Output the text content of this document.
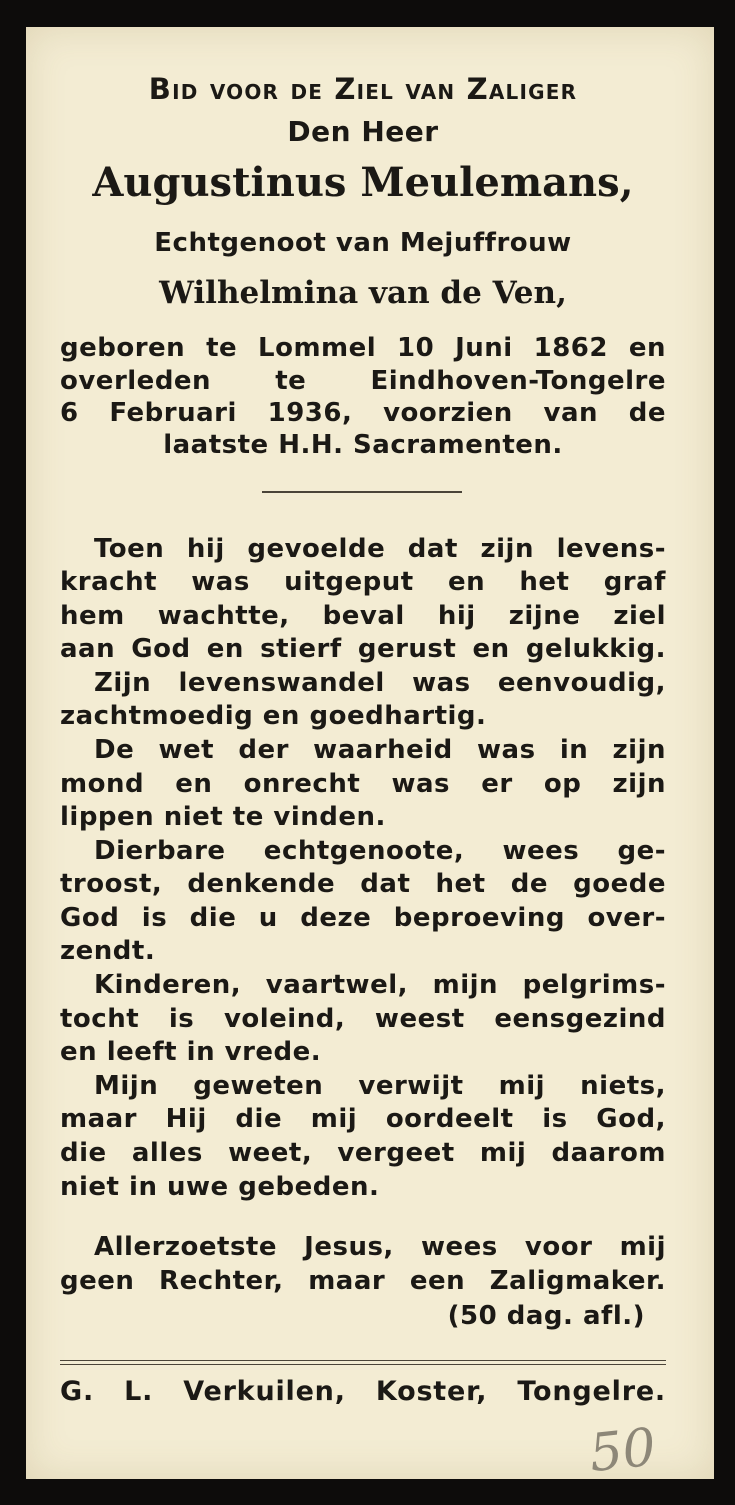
Bid voor de Ziel van Zaliger
Den Heer
Augustinus Meulemans,
Echtgenoot van Mejuffrouw
Wilhelmina van de Ven,
geboren te Lommel 10 Juni 1862 en
overleden te Eindhoven-Tongelre
6 Februari 1936, voorzien van de
laatste H.H. Sacramenten.
Toen hij gevoelde dat zijn levens-
kracht was uitgeput en het graf
hem wachtte, beval hij zijne ziel
aan God en stierf gerust en gelukkig.
Zijn levenswandel was eenvoudig,
zachtmoedig en goedhartig.
De wet der waarheid was in zijn
mond en onrecht was er op zijn
lippen niet te vinden.
Dierbare echtgenoote, wees ge-
troost, denkende dat het de goede
God is die u deze beproeving over-
zendt.
Kinderen, vaartwel, mijn pelgrims-
tocht is voleind, weest eensgezind
en leeft in vrede.
Mijn geweten verwijt mij niets,
maar Hij die mij oordeelt is God,
die alles weet, vergeet mij daarom
niet in uwe gebeden.
Allerzoetste Jesus, wees voor mij
geen Rechter, maar een Zaligmaker.
(50 dag. afl.)
G. L. Verkuilen, Koster, Tongelre.
50
